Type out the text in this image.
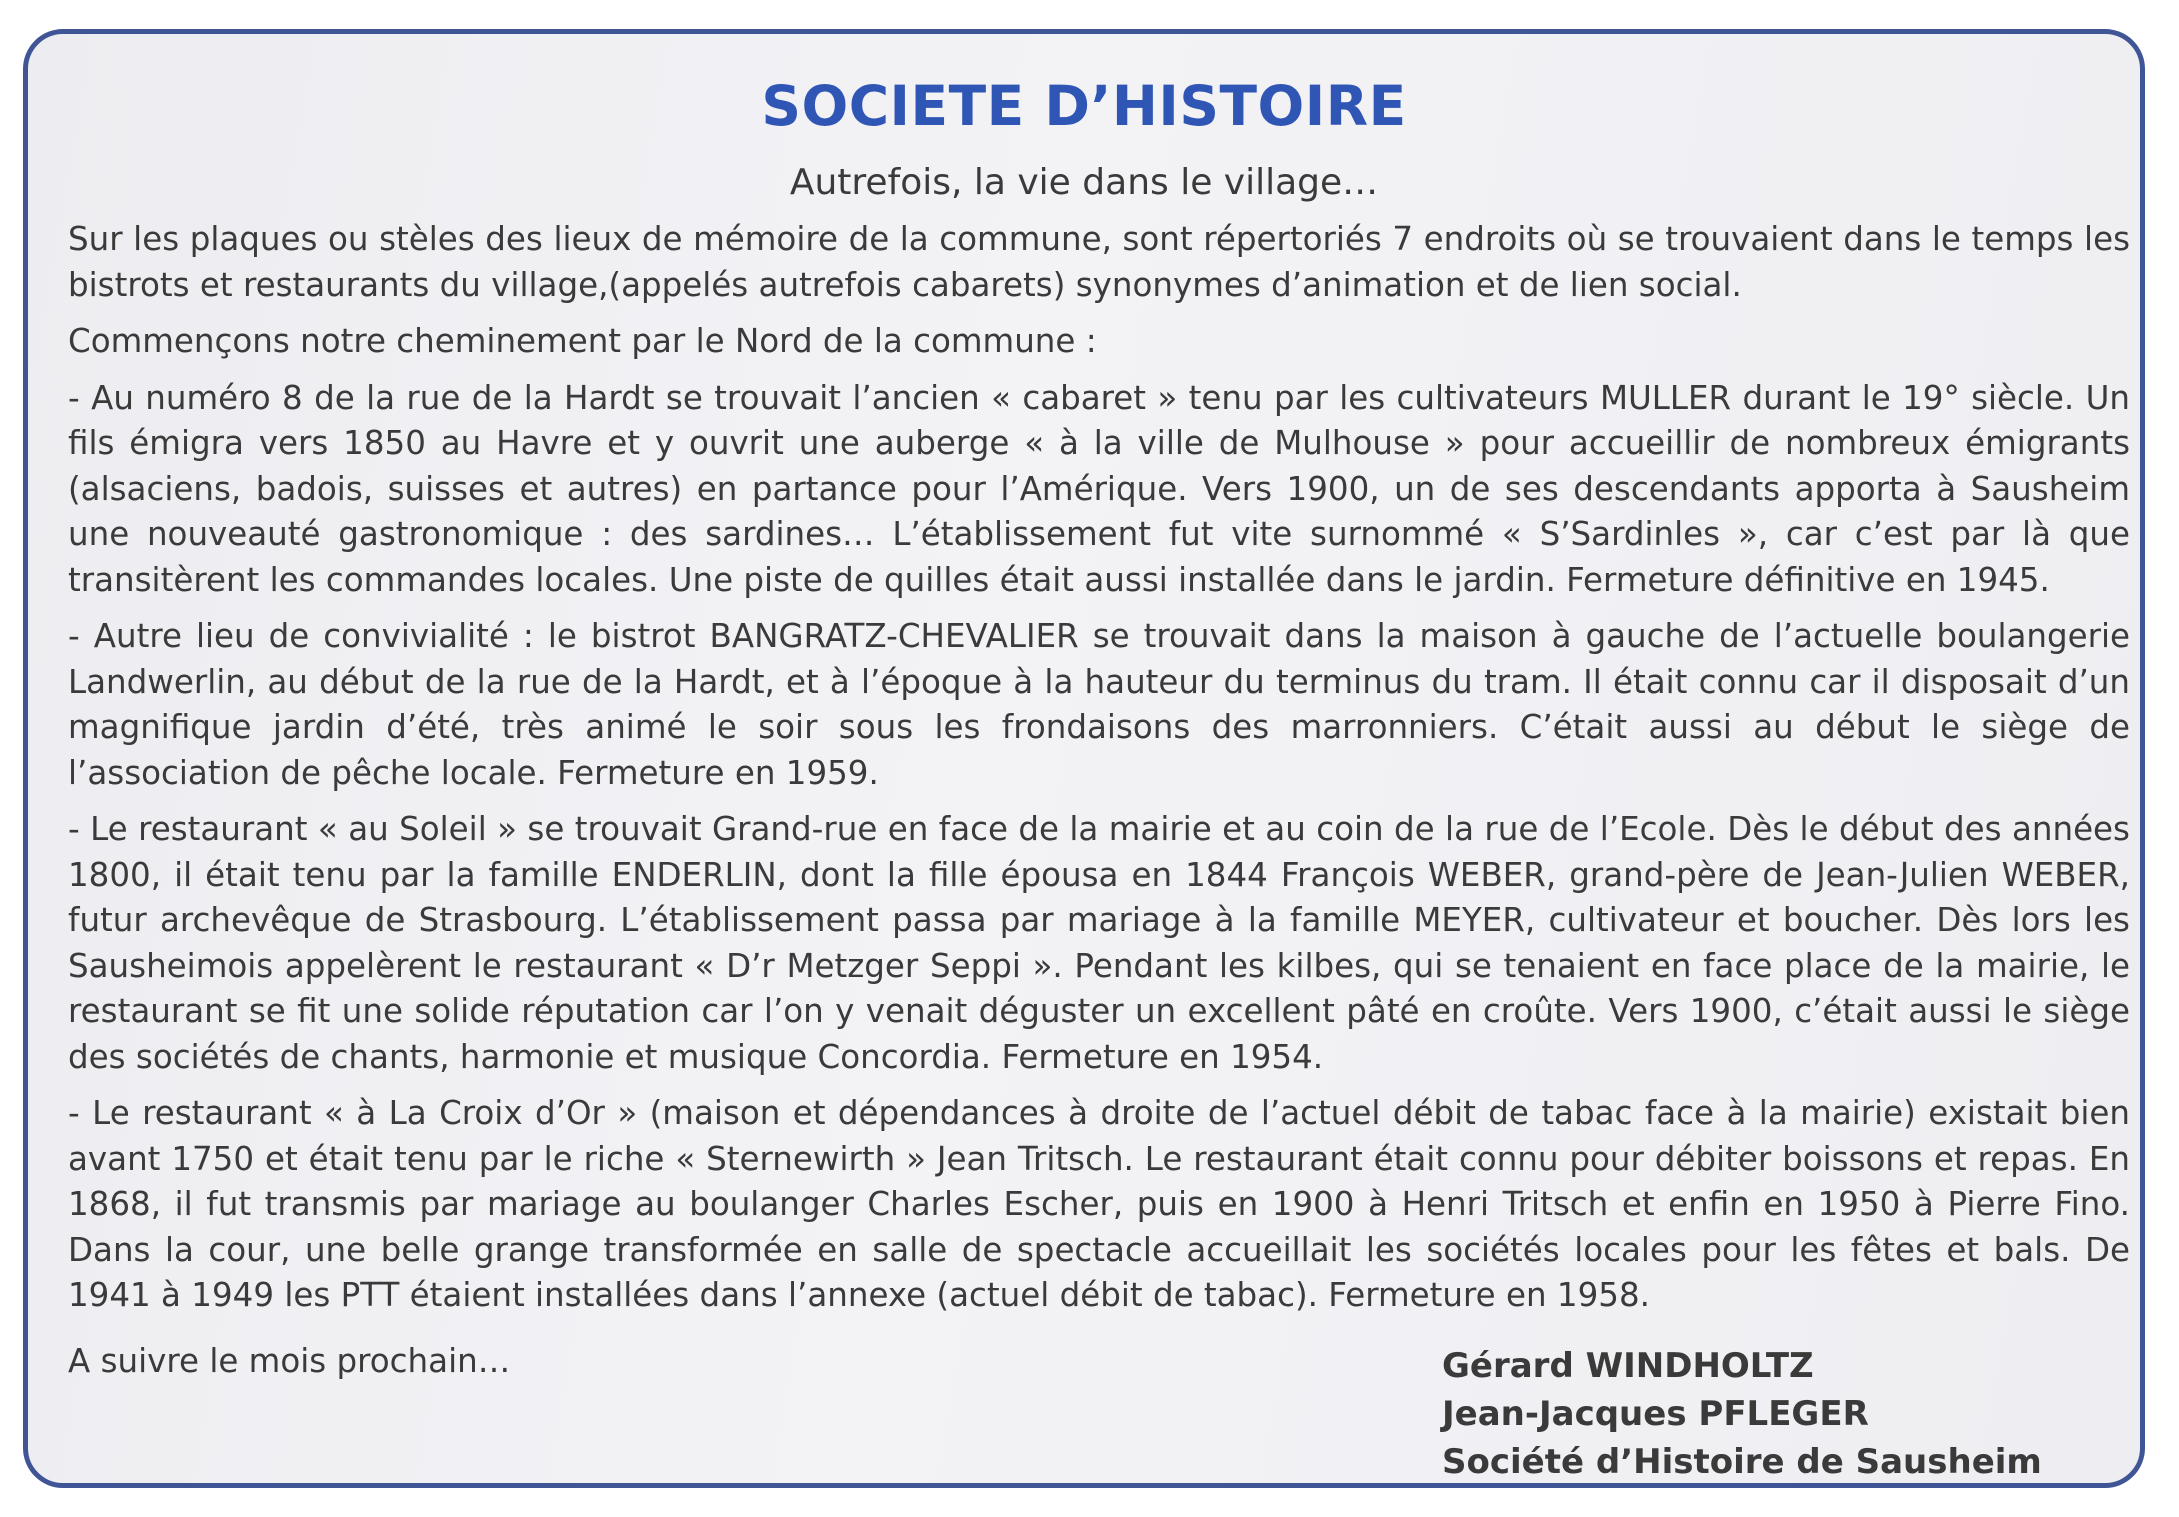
SOCIETE D’HISTOIRE
Autrefois, la vie dans le village…

Sur les plaques ou stèles des lieux de mémoire de la commune, sont répertoriés 7 endroits où se trouvaient dans le temps les bistrots et restaurants du village,(appelés autrefois cabarets) synonymes d’animation et de lien social.

Commençons notre cheminement par le Nord de la commune :

- Au numéro 8 de la rue de la Hardt se trouvait l’ancien « cabaret » tenu par les cultivateurs MULLER durant le 19° siècle. Un fils émigra vers 1850 au Havre et y ouvrit une auberge « à la ville de Mulhouse » pour accueillir de nombreux émigrants (alsaciens, badois, suisses et autres) en partance pour l’Amérique. Vers 1900, un de ses descendants apporta à Sausheim une nouveauté gastronomique : des sardines… L’établissement fut vite surnommé « S’Sardinles », car c’est par là que transitèrent les commandes locales. Une piste de quilles était aussi installée dans le jardin. Fermeture définitive en 1945.

- Autre lieu de convivialité : le bistrot BANGRATZ-CHEVALIER se trouvait dans la maison à gauche de l’actuelle boulangerie Landwerlin, au début de la rue de la Hardt, et à l’époque à la hauteur du terminus du tram. Il était connu car il disposait d’un magnifique jardin d’été, très animé le soir sous les frondaisons des marronniers. C’était aussi au début le siège de l’association de pêche locale. Fermeture en 1959.

- Le restaurant « au Soleil » se trouvait Grand-rue en face de la mairie et au coin de la rue de l’Ecole. Dès le début des années 1800, il était tenu par la famille ENDERLIN, dont la fille épousa en 1844 François WEBER, grand-père de Jean-Julien WEBER, futur archevêque de Strasbourg. L’établissement passa par mariage à la famille MEYER, cultivateur et boucher. Dès lors les Sausheimois appelèrent le restaurant « D’r Metzger Seppi ». Pendant les kilbes, qui se tenaient en face place de la mairie, le restaurant se fit une solide réputation car l’on y venait déguster un excellent pâté en croûte. Vers 1900, c’était aussi le siège des sociétés de chants, harmonie et musique Concordia. Fermeture en 1954.

- Le restaurant « à La Croix d’Or » (maison et dépendances à droite de l’actuel débit de tabac face à la mairie) existait bien avant 1750 et était tenu par le riche « Sternewirth » Jean Tritsch. Le restaurant était connu pour débiter boissons et repas. En 1868, il fut transmis par mariage au boulanger Charles Escher, puis en 1900 à Henri Tritsch et enfin en 1950 à Pierre Fino. Dans la cour, une belle grange transformée en salle de spectacle accueillait les sociétés locales pour les fêtes et bals. De 1941 à 1949 les PTT étaient installées dans l’annexe (actuel débit de tabac). Fermeture en 1958.

A suivre le mois prochain…	Gérard WINDHOLTZ
Jean-Jacques PFLEGER
Société d’Histoire de Sausheim
